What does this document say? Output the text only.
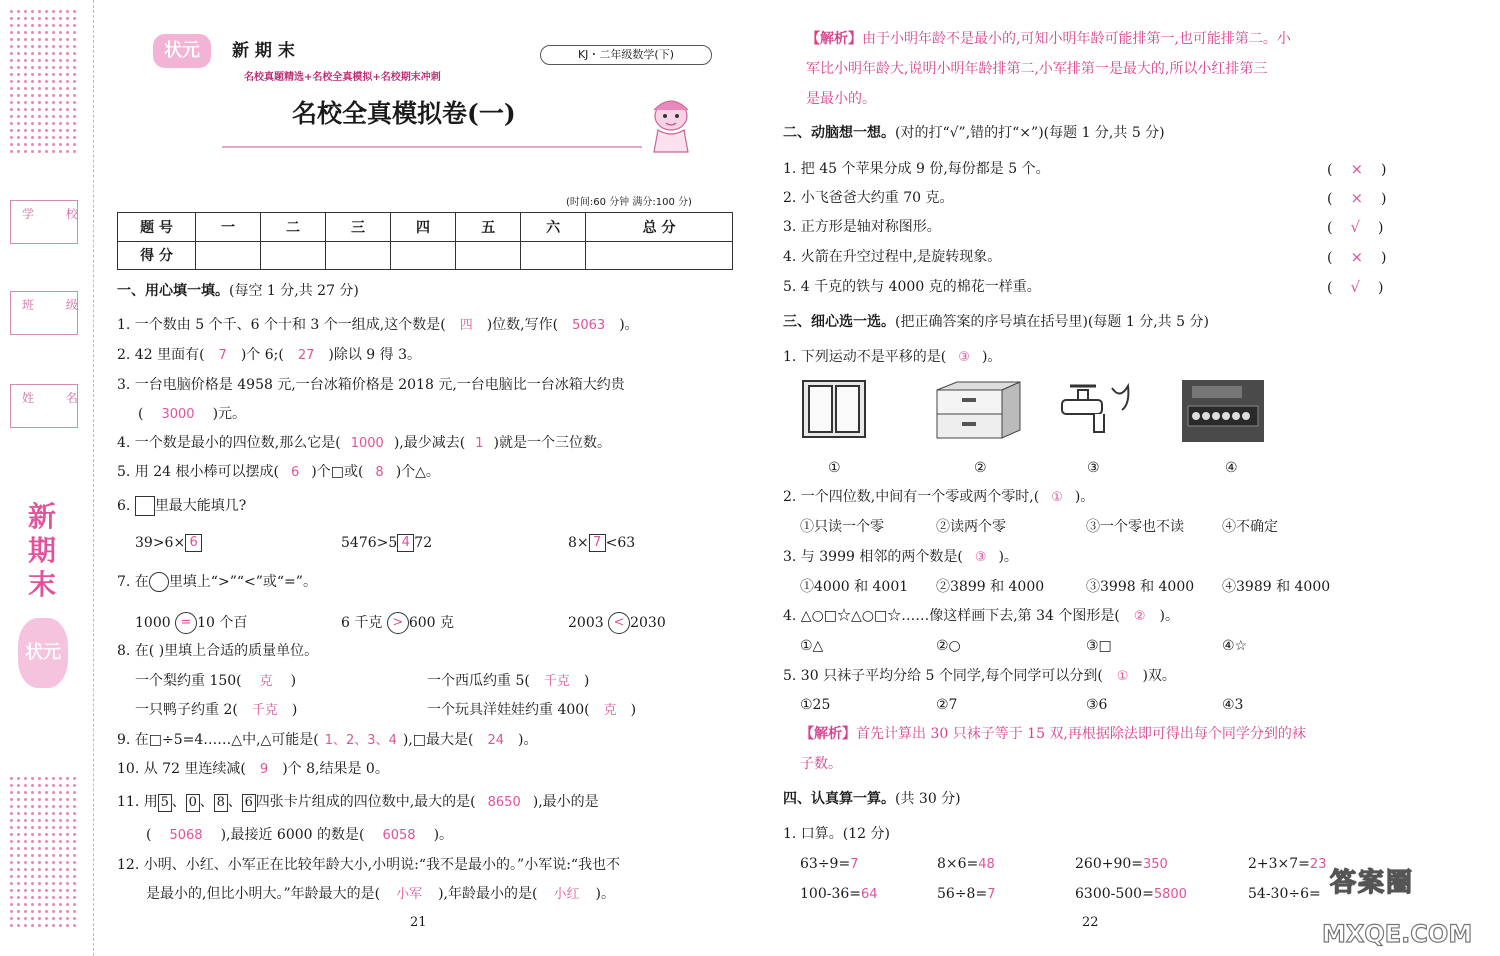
学 校
班 级
姓 名
新期末
状元
状元	新 期 末
名校真题精选+名校全真模拟+名校期末冲刺
KJ・二年级数学(下)
名校全真模拟卷(一)
(时间:60 分钟 满分:100 分)
题 号	一	二	三	四	五	六	总 分
得 分							
一、用心填一填。(每空 1 分,共 27 分)
1. 一个数由 5 个千、6 个十和 3 个一组成,这个数是( 四 )位数,写作( 5063 )。
2. 42 里面有( 7 )个 6;( 27 )除以 9 得 3。
3. 一台电脑价格是 4958 元,一台冰箱价格是 2018 元,一台电脑比一台冰箱大约贵
( 3000 )元。
4. 一个数是最小的四位数,那么它是( 1000 ),最少减去( 1 )就是一个三位数。
5. 用 24 根小棒可以摆成( 6 )个□或( 8 )个△。
6. 里最大能填几?
39>6× 6	5476>5 4 72	8× 7 <63
7. 在 里填上“>”“<”或“=”。
1000 = 10 个百	6 千克 > 600 克	2003 < 2030
8. 在( )里填上合适的质量单位。
一个梨约重 150( 克 )	一个西瓜约重 5( 千克 )
一只鸭子约重 2( 千克 )	一个玩具洋娃娃约重 400( 克 )
9. 在□÷5=4……△中,△可能是( 1、2、3、4 ),□最大是( 24 )。
10. 从 72 里连续减( 9 )个 8,结果是 0。
11. 用 5 、 0 、 8 、 6 四张卡片组成的四位数中,最大的是( 8650 ),最小的是
( 5068 ),最接近 6000 的数是( 6058 )。
12. 小明、小红、小军正在比较年龄大小,小明说:“我不是最小的。”小军说:“我也不
是最小的,但比小明大。”年龄最大的是( 小军 ),年龄最小的是( 小红 )。
21
【解析】由于小明年龄不是最小的,可知小明年龄可能排第一,也可能排第二。小
军比小明年龄大,说明小明年龄排第二,小军排第一是最大的,所以小红排第三
是最小的。
二、动脑想一想。(对的打“√”,错的打“×”)(每题 1 分,共 5 分)
1. 把 45 个苹果分成 9 份,每份都是 5 个。	( × )
2. 小飞爸爸大约重 70 克。	( × )
3. 正方形是轴对称图形。	( √ )
4. 火箭在升空过程中,是旋转现象。	( × )
5. 4 千克的铁与 4000 克的棉花一样重。	( √ )
三、细心选一选。(把正确答案的序号填在括号里)(每题 1 分,共 5 分)
1. 下列运动不是平移的是( ③ )。
①	②	③	④
2. 一个四位数,中间有一个零或两个零时,( ① )。
①只读一个零	②读两个零	③一个零也不读	④不确定
3. 与 3999 相邻的两个数是( ③ )。
①4000 和 4001 ②3899 和 4000	③3998 和 4000 ④3989 和 4000
4. △○□☆△○□☆……像这样画下去,第 34 个图形是( ② )。
①△	②○	③□	④☆
5. 30 只袜子平均分给 5 个同学,每个同学可以分到( ① )双。
①25	②7	③6	④3
【解析】首先计算出 30 只袜子等于 15 双,再根据除法即可得出每个同学分到的袜
子数。
四、认真算一算。(共 30 分)
1. 口算。(12 分)
63÷9=7	8×6=48	260+90=350	2+3×7=23
100-36=64	56÷8=7	6300-500=5800	54-30÷6=
22
答案圈
MXQE.COM
